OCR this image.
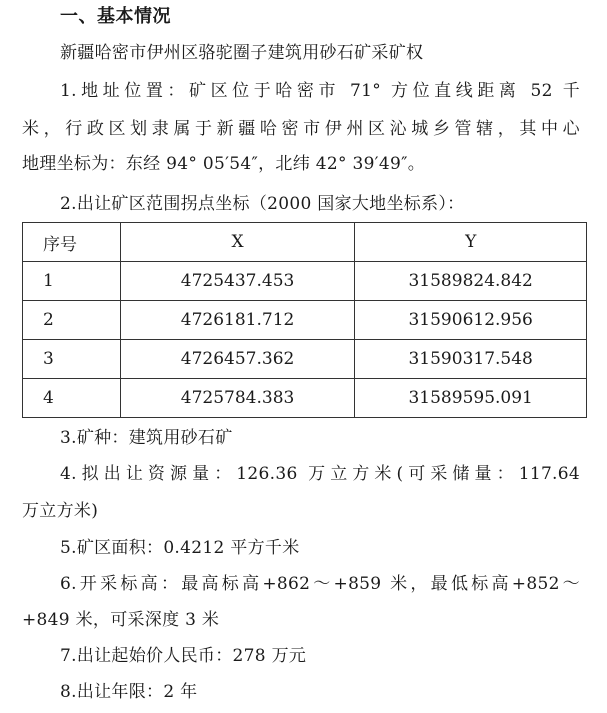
一、基本情况
新疆哈密市伊州区骆驼圈子建筑用砂石矿采矿权
1.地址位置：矿区位于哈密市 71° 方位直线距离 52 千
米，行政区划隶属于新疆哈密市伊州区沁城乡管辖，其中心
地理坐标为：东经 94° 05′54″，北纬 42° 39′49″。
2.出让矿区范围拐点坐标（2000 国家大地坐标系）：
序号	X	Y
1	4725437.453	31589824.842
2	4726181.712	31590612.956
3	4726457.362	31590317.548
4	4725784.383	31589595.091
3.矿种：建筑用砂石矿
4.拟出让资源量：126.36 万立方米(可采储量：117.64
万立方米)
5.矿区面积：0.4212 平方千米
6.开采标高：最高标高+862～+859 米，最低标高+852～
+849 米，可采深度 3 米
7.出让起始价人民币：278 万元
8.出让年限：2 年
